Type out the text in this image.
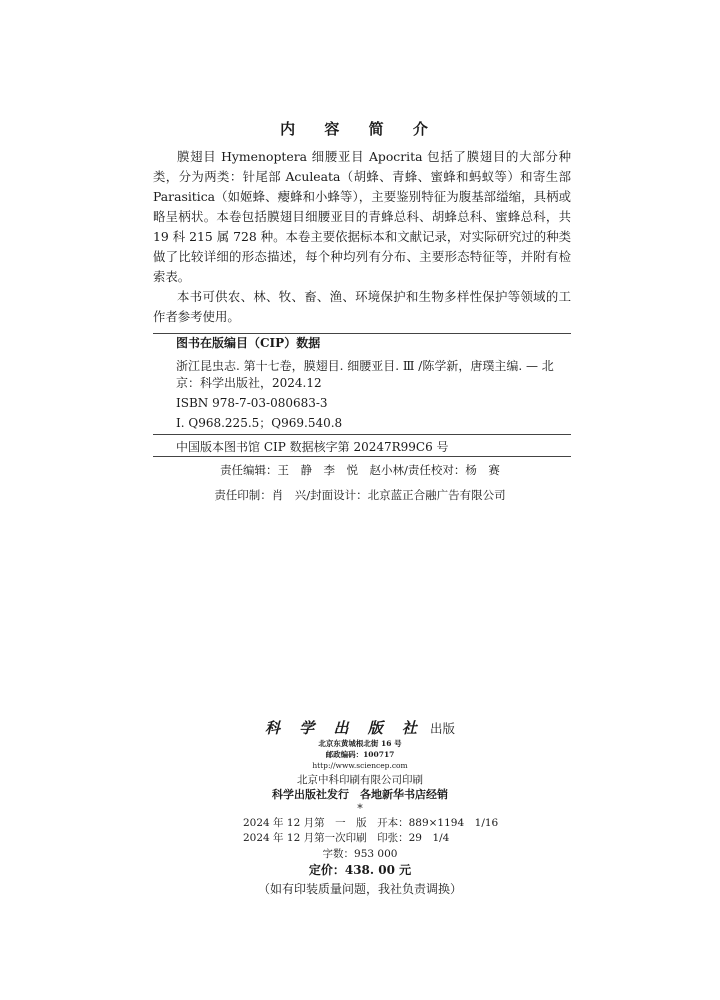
内 容 简 介

膜翅目 Hymenoptera 细腰亚目 Apocrita 包括了膜翅目的大部分种类，分为两类：针尾部 Aculeata（胡蜂、青蜂、蜜蜂和蚂蚁等）和寄生部 Parasitica（如姬蜂、瘿蜂和小蜂等），主要鉴别特征为腹基部缢缩，具柄或略呈柄状。本卷包括膜翅目细腰亚目的青蜂总科、胡蜂总科、蜜蜂总科，共 19 科 215 属 728 种。本卷主要依据标本和文献记录，对实际研究过的种类做了比较详细的形态描述，每个种均列有分布、主要形态特征等，并附有检索表。

本书可供农、林、牧、畜、渔、环境保护和生物多样性保护等领域的工作者参考使用。

图书在版编目（CIP）数据
浙江昆虫志. 第十七卷，膜翅目. 细腰亚目. Ⅲ /陈学新，唐璞主编. — 北京：科学出版社，2024.12
ISBN 978-7-03-080683-3
Ⅰ. Q968.225.5；Q969.540.8
中国版本图书馆 CIP 数据核字第 20247R99C6 号
责任编辑：王　静　李　悦　赵小林/责任校对：杨　赛
责任印制：肖　兴/封面设计：北京蓝正合融广告有限公司
科 学 出 版 社 出版
北京东黄城根北街 16 号
邮政编码：100717
http://www.sciencep.com
北京中科印刷有限公司印刷
科学出版社发行　各地新华书店经销
*
2024 年 12 月第　一　版　开本：889×1194　1/16
2024 年 12 月第一次印刷　印张：29　1/4
字数：953 000
定价：438. 00 元
（如有印装质量问题，我社负责调换）
